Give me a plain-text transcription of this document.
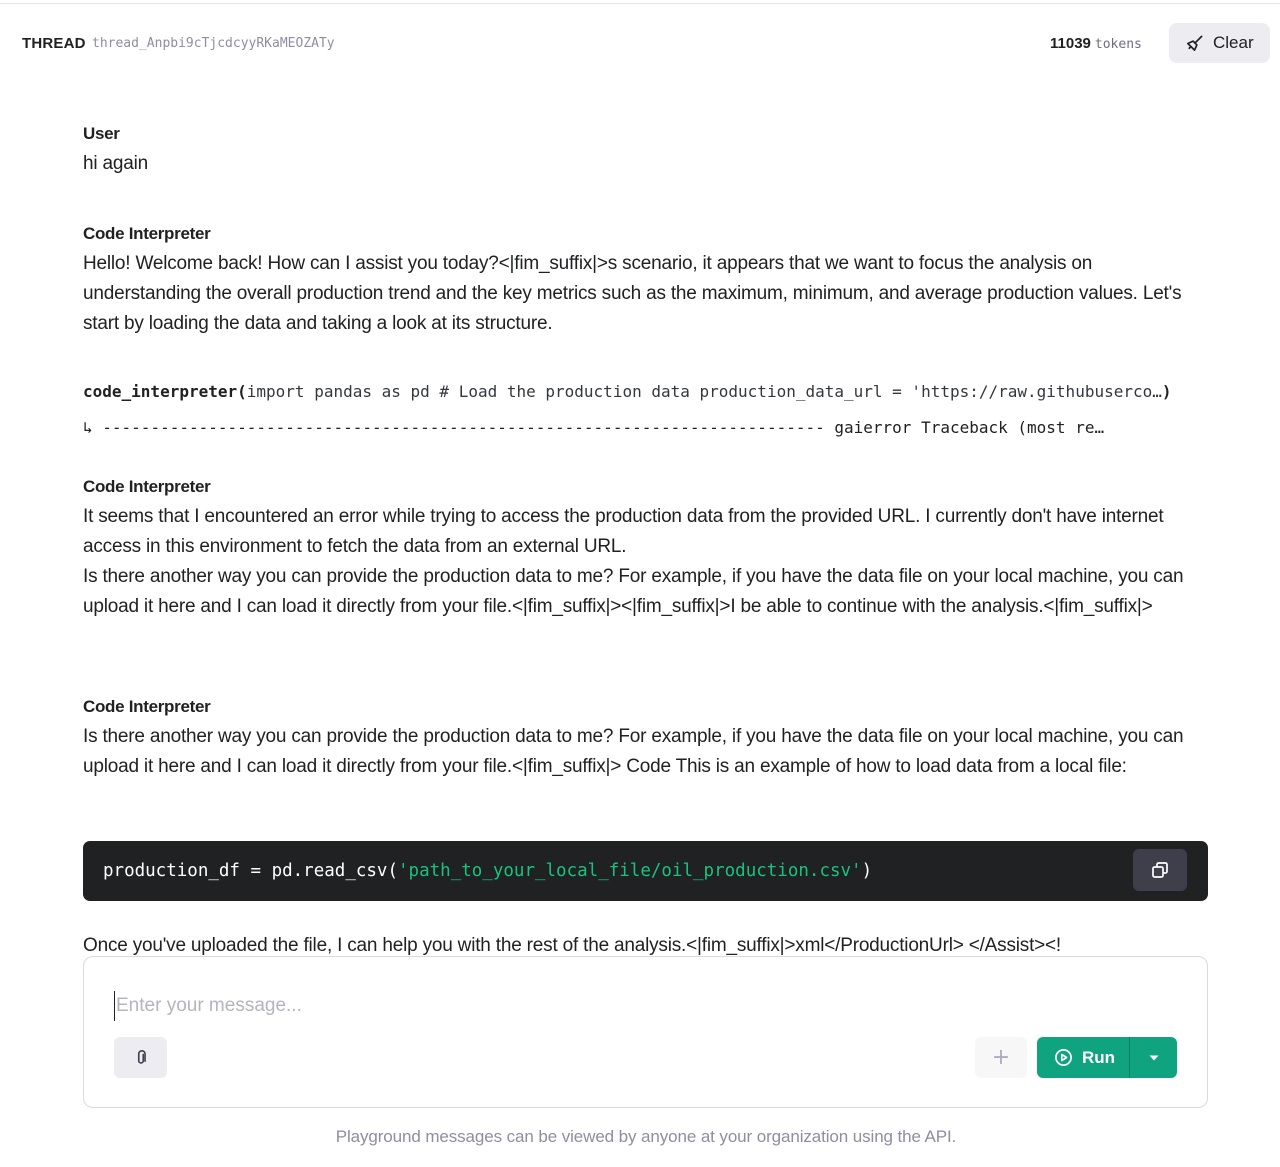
THREAD thread_Anpbi9cTjcdcyyRKaMEOZATy	11039 tokens	Clear
User
hi again
Code Interpreter
Hello! Welcome back! How can I assist you today?<|fim_suffix|>s scenario, it appears that we want to focus the analysis on understanding the overall production trend and the key metrics such as the maximum, minimum, and average production values. Let's start by loading the data and taking a look at its structure.
code_interpreter(import pandas as pd # Load the production data production_data_url = 'https://raw.githubuserco…)
↳ --------------------------------------------------------------------------- gaierror Traceback (most re…
Code Interpreter

It seems that I encountered an error while trying to access the production data from the provided URL. I currently don't have internet access in this environment to fetch the data from an external URL.

Is there another way you can provide the production data to me? For example, if you have the data file on your local machine, you can upload it here and I can load it directly from your file.<|fim_suffix|><|fim_suffix|>I be able to continue with the analysis.<|fim_suffix|>

Code Interpreter
Is there another way you can provide the production data to me? For example, if you have the data file on your local machine, you can upload it here and I can load it directly from your file.<|fim_suffix|> Code This is an example of how to load data from a local file:
production_df = pd.read_csv('path_to_your_local_file/oil_production.csv')
Once you've uploaded the file, I can help you with the rest of the analysis.<|fim_suffix|>xml</ProductionUrl> </Assist><!
Enter your message...
+	Run
Playground messages can be viewed by anyone at your organization using the API.
